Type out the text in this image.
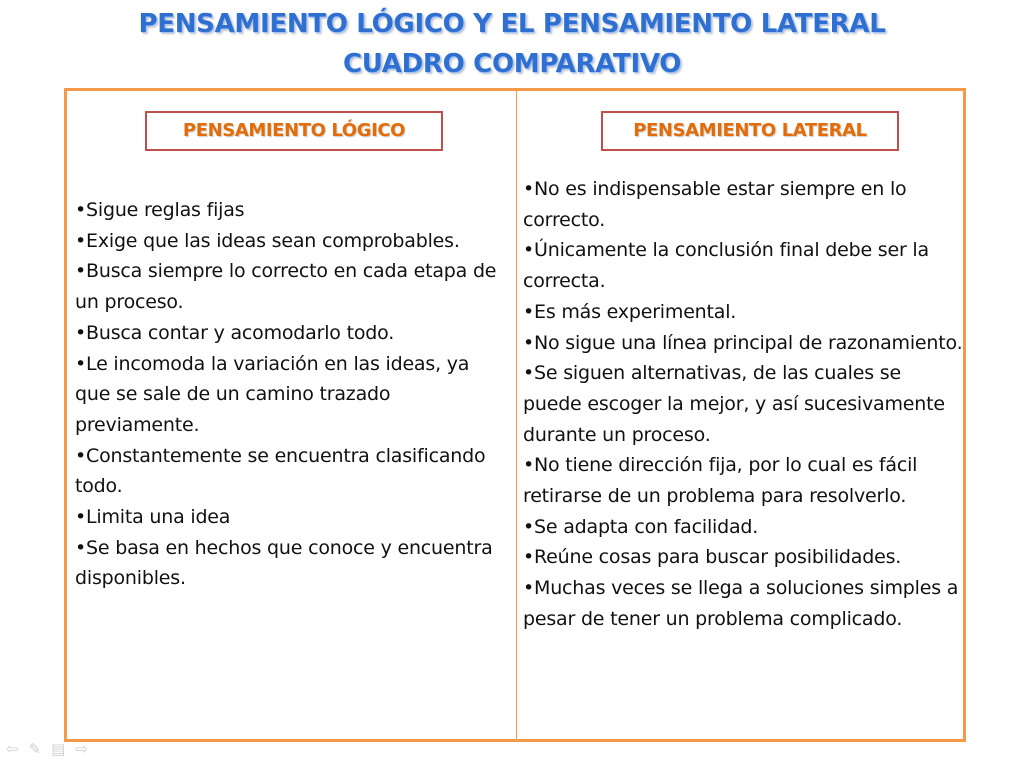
PENSAMIENTO LÓGICO Y EL PENSAMIENTO LATERAL
CUADRO COMPARATIVO
PENSAMIENTO LÓGICO	PENSAMIENTO LATERAL
• Sigue reglas fijas
• Exige que las ideas sean comprobables.
• Busca siempre lo correcto en cada etapa de un proceso.
• Busca contar y acomodarlo todo.
• Le incomoda la variación en las ideas, ya que se sale de un camino trazado previamente.
• Constantemente se encuentra clasificando todo.
• Limita una idea
• Se basa en hechos que conoce y encuentra disponibles.
• No es indispensable estar siempre en lo correcto.
• Únicamente la conclusión final debe ser la correcta.
• Es más experimental.
• No sigue una línea principal de razonamiento.
• Se siguen alternativas, de las cuales se puede escoger la mejor, y así sucesivamente durante un proceso.
• No tiene dirección fija, por lo cual es fácil retirarse de un problema para resolverlo.
• Se adapta con facilidad.
• Reúne cosas para buscar posibilidades.
• Muchas veces se llega a soluciones simples a pesar de tener un problema complicado.
⇦ ✎ ▤ ⇨
